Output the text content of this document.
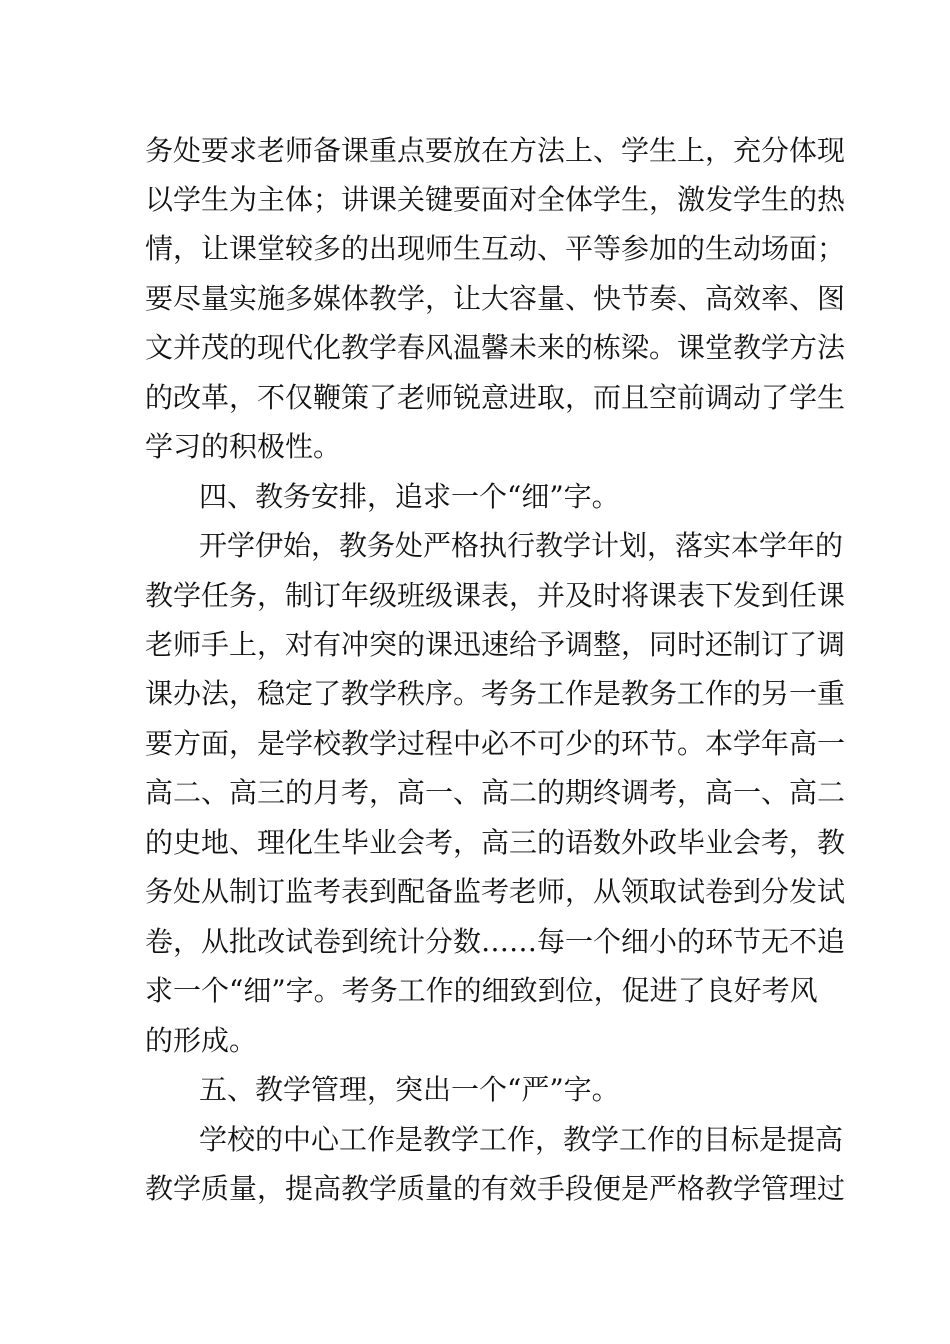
务处要求老师备课重点要放在方法上、学生上，充分体现
以学生为主体；讲课关键要面对全体学生，激发学生的热
情，让课堂较多的出现师生互动、平等参加的生动场面；
要尽量实施多媒体教学，让大容量、快节奏、高效率、图
文并茂的现代化教学春风温馨未来的栋梁。课堂教学方法
的改革，不仅鞭策了老师锐意进取，而且空前调动了学生
学习的积极性。
四、教务安排，追求一个“细”字。
开学伊始，教务处严格执行教学计划，落实本学年的
教学任务，制订年级班级课表，并及时将课表下发到任课
老师手上，对有冲突的课迅速给予调整，同时还制订了调
课办法，稳定了教学秩序。考务工作是教务工作的另一重
要方面，是学校教学过程中必不可少的环节。本学年高一
高二、高三的月考，高一、高二的期终调考，高一、高二
的史地、理化生毕业会考，高三的语数外政毕业会考，教
务处从制订监考表到配备监考老师，从领取试卷到分发试
卷，从批改试卷到统计分数……每一个细小的环节无不追
求一个“细”字。考务工作的细致到位，促进了良好考风
的形成。
五、教学管理，突出一个“严”字。
学校的中心工作是教学工作，教学工作的目标是提高
教学质量，提高教学质量的有效手段便是严格教学管理过
